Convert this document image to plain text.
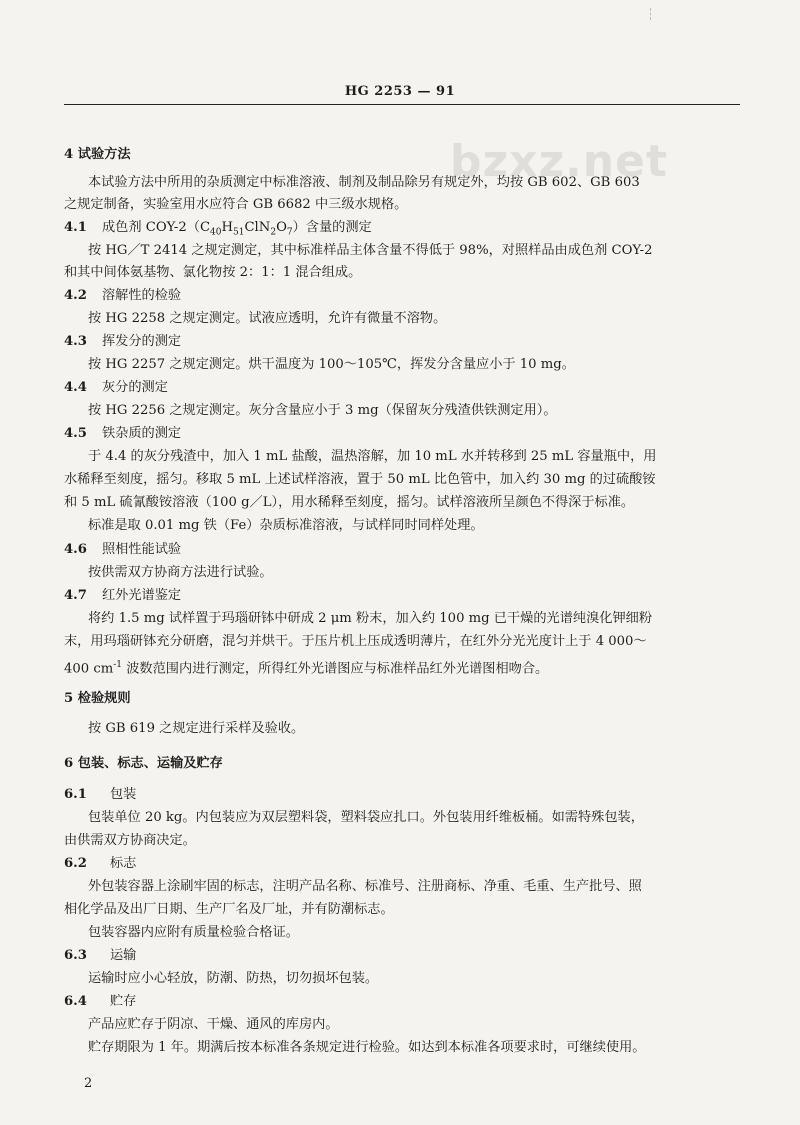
HG 2253 — 91
bzxz.net
4 试验方法
本试验方法中所用的杂质测定中标准溶液、制剂及制品除另有规定外，均按 GB 602、GB 603
之规定制备，实验室用水应符合 GB 6682 中三级水规格。
4.1 成色剂 COY-$2(C_{40}H_{51}ClN_2O_7)$含量的测定
按 HG／T 2414 之规定测定，其中标准样品主体含量不得低于 98%，对照样品由成色剂 COY-2
和其中间体氨基物、氯化物按 2：1：1 混合组成。
4.2 溶解性的检验
按 HG 2258 之规定测定。试液应透明，允许有微量不溶物。
4.3 挥发分的测定
按 HG 2257 之规定测定。烘干温度为 100～105℃，挥发分含量应小于 10 mg。
4.4 灰分的测定
按 HG 2256 之规定测定。灰分含量应小于 3 mg（保留灰分残渣供铁测定用）。
4.5 铁杂质的测定
于 4.4 的灰分残渣中，加入 1 mL 盐酸，温热溶解，加 10 mL 水并转移到 25 mL 容量瓶中，用
水稀释至刻度，摇匀。移取 5 mL 上述试样溶液，置于 50 mL 比色管中，加入约 30 mg 的过硫酸铵
和 5 mL 硫氰酸铵溶液（100 g／L），用水稀释至刻度，摇匀。试样溶液所呈颜色不得深于标准。
标准是取 0.01 mg 铁（Fe）杂质标准溶液，与试样同时同样处理。
4.6 照相性能试验
按供需双方协商方法进行试验。
4.7 红外光谱鉴定
将约 1.5 mg 试样置于玛瑙研钵中研成 2 μm 粉末，加入约 100 mg 已干燥的光谱纯溴化钾细粉
末，用玛瑙研钵充分研磨，混匀并烘干。于压片机上压成透明薄片，在红外分光光度计上于 4 000～
400 $cm^{-1}$ 波数范围内进行测定，所得红外光谱图应与标准样品红外光谱图相吻合。
5 检验规则
按 GB 619 之规定进行采样及验收。
6 包装、标志、运输及贮存
6.1 包装
包装单位 20 kg。内包装应为双层塑料袋，塑料袋应扎口。外包装用纤维板桶。如需特殊包装，
由供需双方协商决定。
6.2 标志
外包装容器上涂刷牢固的标志，注明产品名称、标准号、注册商标、净重、毛重、生产批号、照
相化学品及出厂日期、生产厂名及厂址，并有防潮标志。
包装容器内应附有质量检验合格证。
6.3 运输
运输时应小心轻放，防潮、防热，切勿损坏包装。
6.4 贮存
产品应贮存于阴凉、干燥、通风的库房内。
贮存期限为 1 年。期满后按本标准各条规定进行检验。如达到本标准各项要求时，可继续使用。
2
